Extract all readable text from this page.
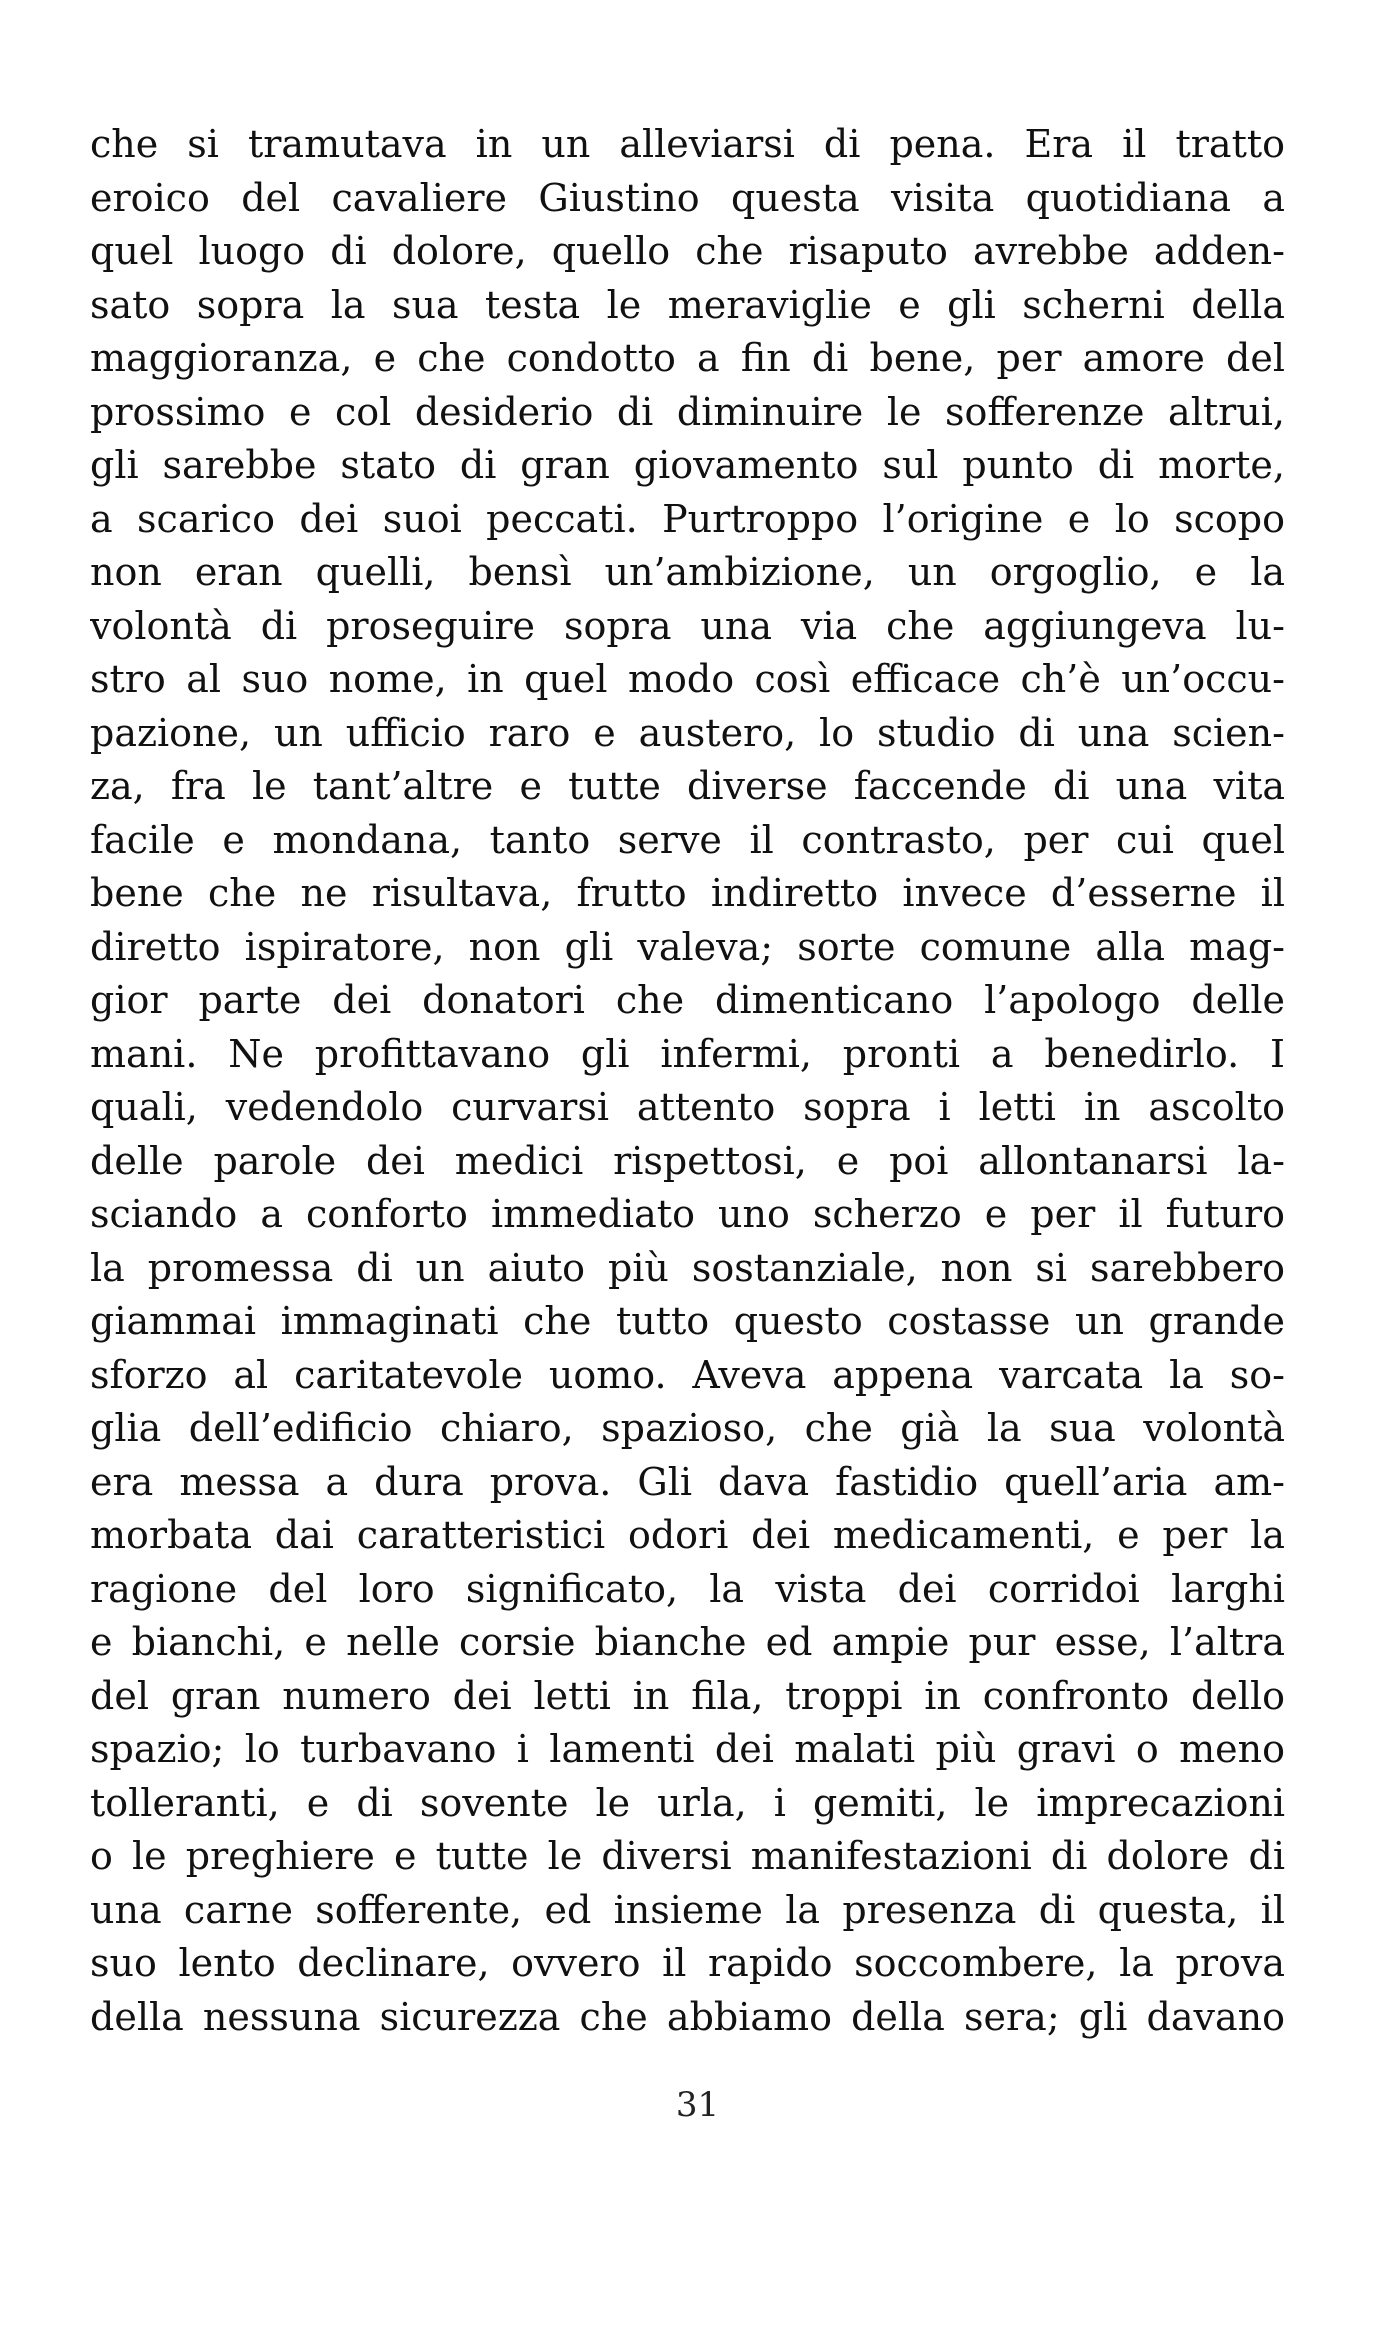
che si tramutava in un alleviarsi di pena. Era il tratto
eroico del cavaliere Giustino questa visita quotidiana a
quel luogo di dolore, quello che risaputo avrebbe adden-
sato sopra la sua testa le meraviglie e gli scherni della
maggioranza, e che condotto a fin di bene, per amore del
prossimo e col desiderio di diminuire le sofferenze altrui,
gli sarebbe stato di gran giovamento sul punto di morte,
a scarico dei suoi peccati. Purtroppo l’origine e lo scopo
non eran quelli, bensì un’ambizione, un orgoglio, e la
volontà di proseguire sopra una via che aggiungeva lu-
stro al suo nome, in quel modo così efficace ch’è un’occu-
pazione, un ufficio raro e austero, lo studio di una scien-
za, fra le tant’altre e tutte diverse faccende di una vita
facile e mondana, tanto serve il contrasto, per cui quel
bene che ne risultava, frutto indiretto invece d’esserne il
diretto ispiratore, non gli valeva; sorte comune alla mag-
gior parte dei donatori che dimenticano l’apologo delle
mani. Ne profittavano gli infermi, pronti a benedirlo. I
quali, vedendolo curvarsi attento sopra i letti in ascolto
delle parole dei medici rispettosi, e poi allontanarsi la-
sciando a conforto immediato uno scherzo e per il futuro
la promessa di un aiuto più sostanziale, non si sarebbero
giammai immaginati che tutto questo costasse un grande
sforzo al caritatevole uomo. Aveva appena varcata la so-
glia dell’edificio chiaro, spazioso, che già la sua volontà
era messa a dura prova. Gli dava fastidio quell’aria am-
morbata dai caratteristici odori dei medicamenti, e per la
ragione del loro significato, la vista dei corridoi larghi
e bianchi, e nelle corsie bianche ed ampie pur esse, l’altra
del gran numero dei letti in fila, troppi in confronto dello
spazio; lo turbavano i lamenti dei malati più gravi o meno
tolleranti, e di sovente le urla, i gemiti, le imprecazioni
o le preghiere e tutte le diversi manifestazioni di dolore di
una carne sofferente, ed insieme la presenza di questa, il
suo lento declinare, ovvero il rapido soccombere, la prova
della nessuna sicurezza che abbiamo della sera; gli davano
31
